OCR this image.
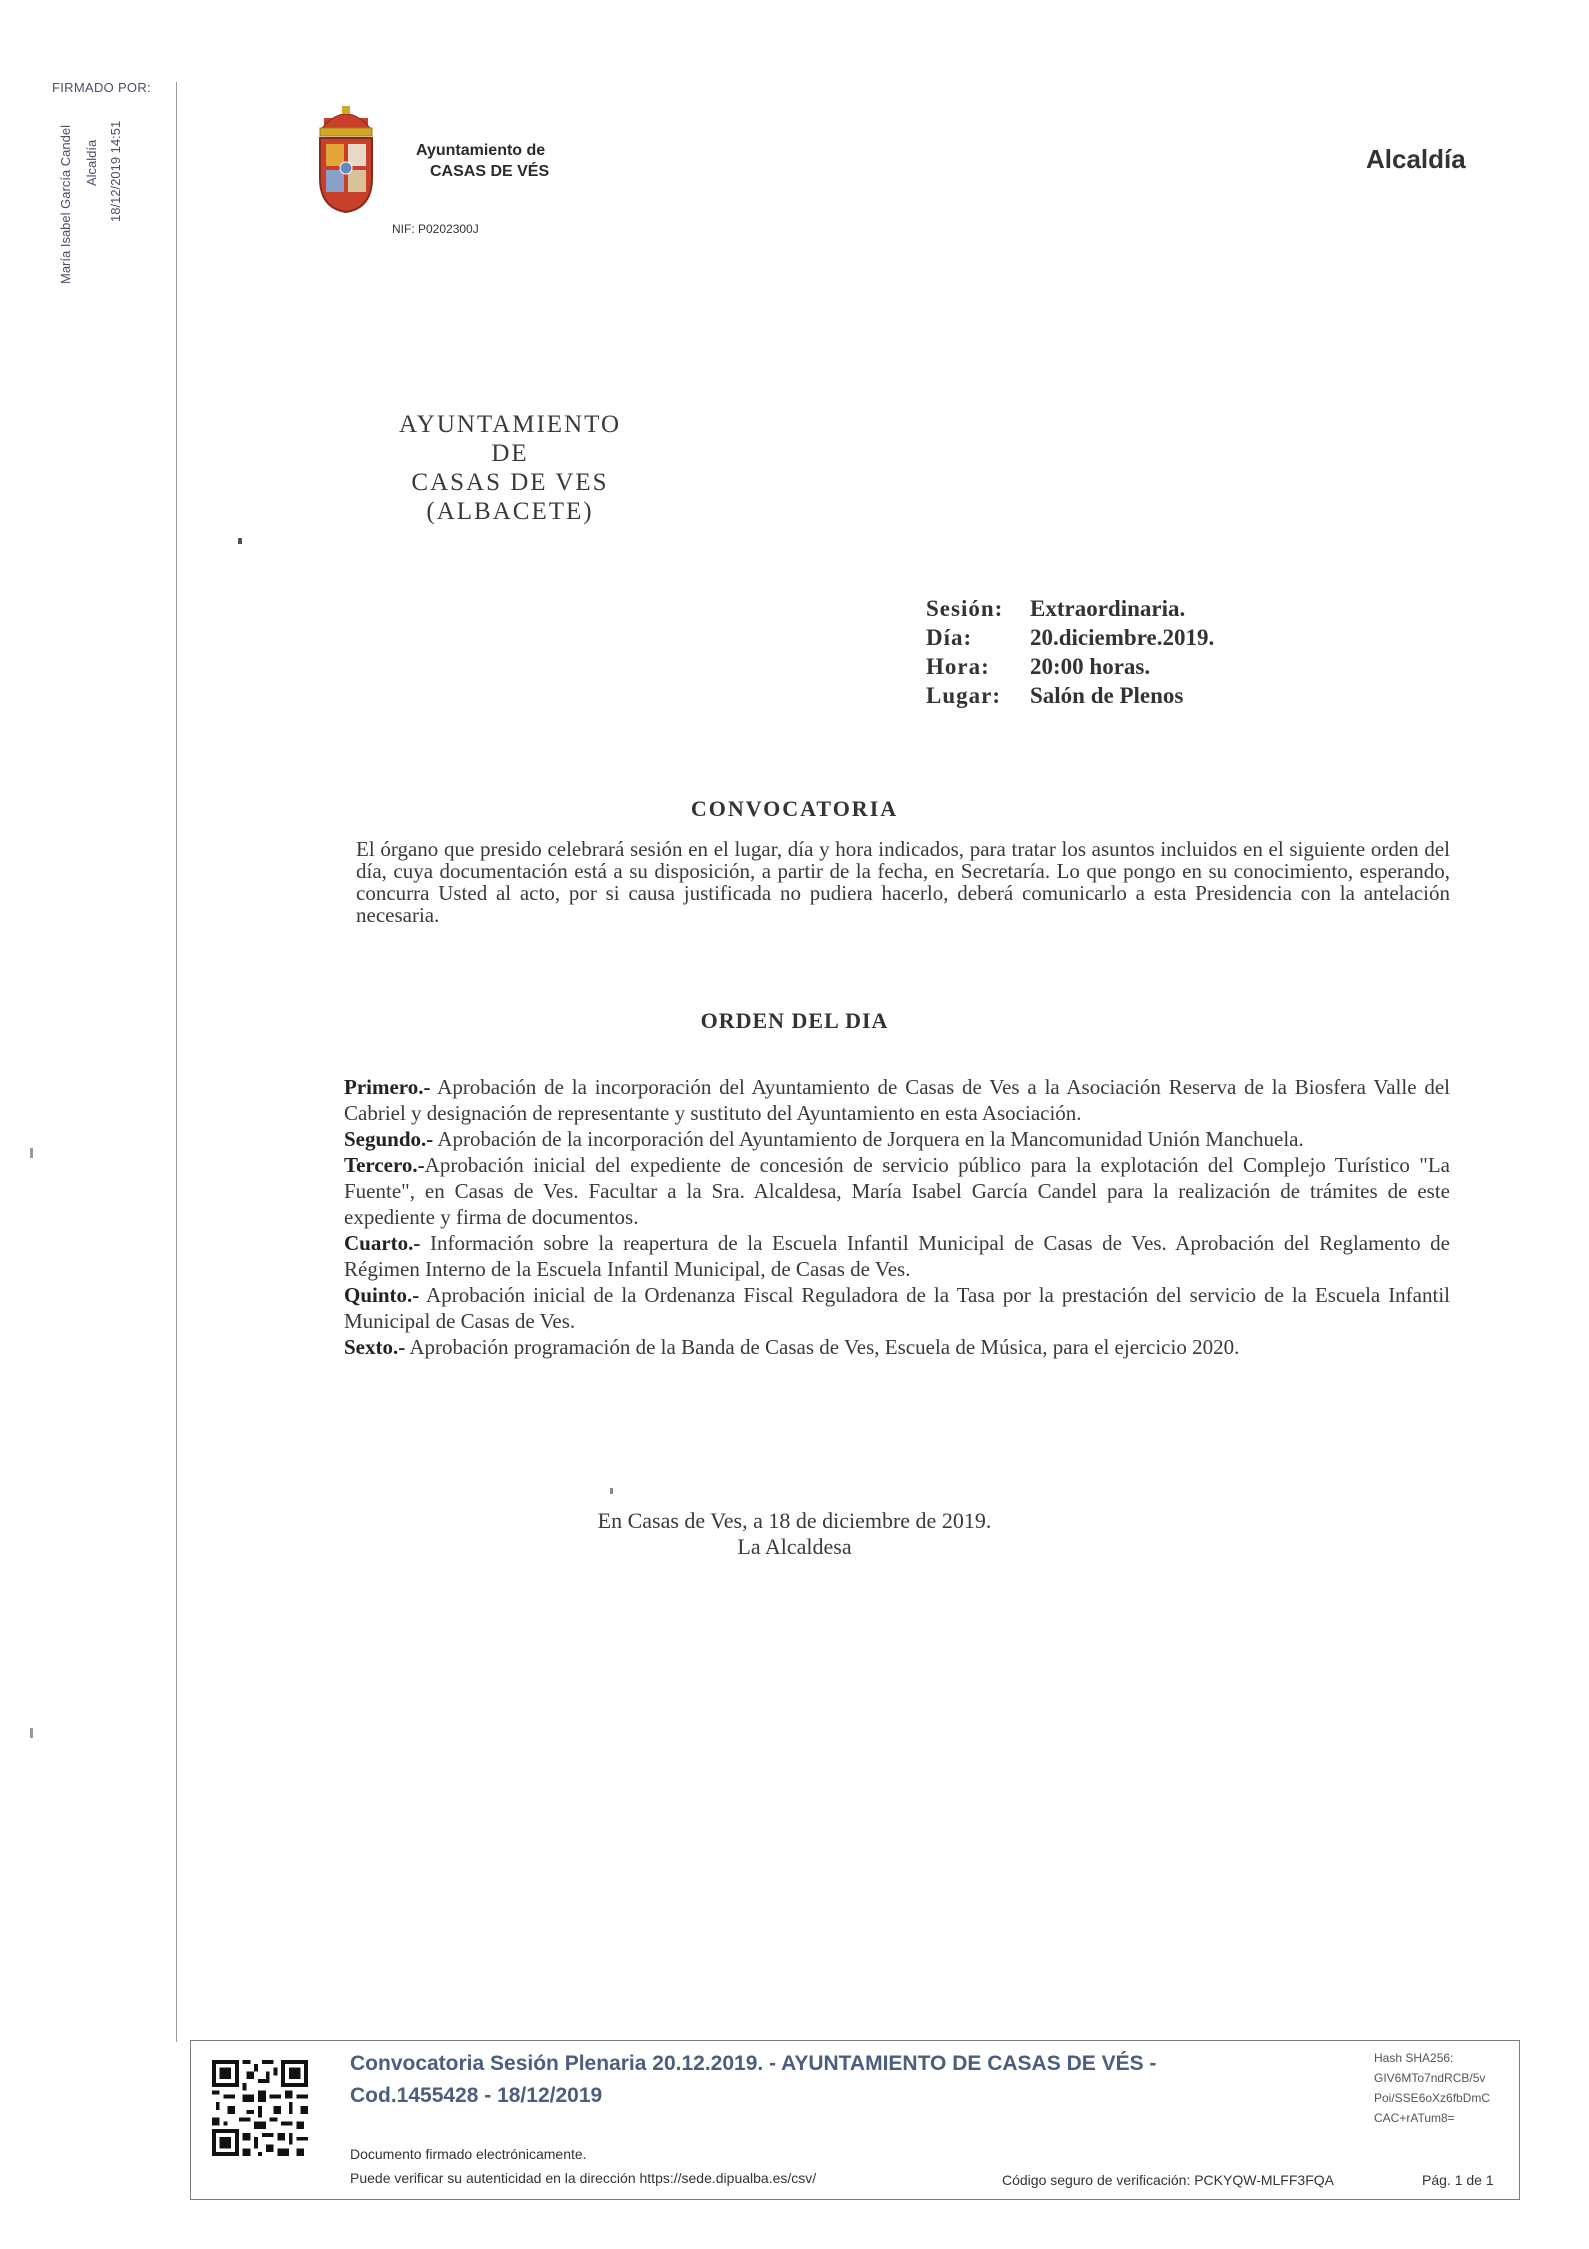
FIRMADO POR:
María Isabel García Candel Alcaldía 18/12/2019 14:51	Ayuntamiento de
CASAS DE VÉS
NIF: P0202300J
Alcaldía
AYUNTAMIENTO
DE
CASAS DE VES
(ALBACETE)
Sesión:	Extraordinaria.
Día:	20.diciembre.2019.
Hora:	20:00 horas.
Lugar:	Salón de Plenos
CONVOCATORIA
El órgano que presido celebrará sesión en el lugar, día y hora indicados, para tratar los asuntos incluidos en el siguiente orden del día, cuya documentación está a su disposición, a partir de la fecha, en Secretaría. Lo que pongo en su conocimiento, esperando, concurra Usted al acto, por si causa justificada no pudiera hacerlo, deberá comunicarlo a esta Presidencia con la antelación necesaria.
ORDEN DEL DIA

Primero.- Aprobación de la incorporación del Ayuntamiento de Casas de Ves a la Asociación Reserva de la Biosfera Valle del Cabriel y designación de representante y sustituto del Ayuntamiento en esta Asociación.

Segundo.- Aprobación de la incorporación del Ayuntamiento de Jorquera en la Mancomunidad Unión Manchuela.

Tercero.-Aprobación inicial del expediente de concesión de servicio público para la explotación del Complejo Turístico "La Fuente", en Casas de Ves. Facultar a la Sra. Alcaldesa, María Isabel García Candel para la realización de trámites de este expediente y firma de documentos.

Cuarto.- Información sobre la reapertura de la Escuela Infantil Municipal de Casas de Ves. Aprobación del Reglamento de Régimen Interno de la Escuela Infantil Municipal, de Casas de Ves.

Quinto.- Aprobación inicial de la Ordenanza Fiscal Reguladora de la Tasa por la prestación del servicio de la Escuela Infantil Municipal de Casas de Ves.

Sexto.- Aprobación programación de la Banda de Casas de Ves, Escuela de Música, para el ejercicio 2020.

En Casas de Ves, a 18 de diciembre de 2019.
La Alcaldesa
Convocatoria Sesión Plenaria 20.12.2019. - AYUNTAMIENTO DE CASAS DE VÉS -
Cod.1455428 - 18/12/2019
Hash SHA256:
GIV6MTo7ndRCB/5v
Poi/SSE6oXz6fbDmC
CAC+rATum8=
Documento firmado electrónicamente.
Puede verificar su autenticidad en la dirección https://sede.dipualba.es/csv/	Código seguro de verificación: PCKYQW-MLFF3FQA	Pág. 1 de 1
